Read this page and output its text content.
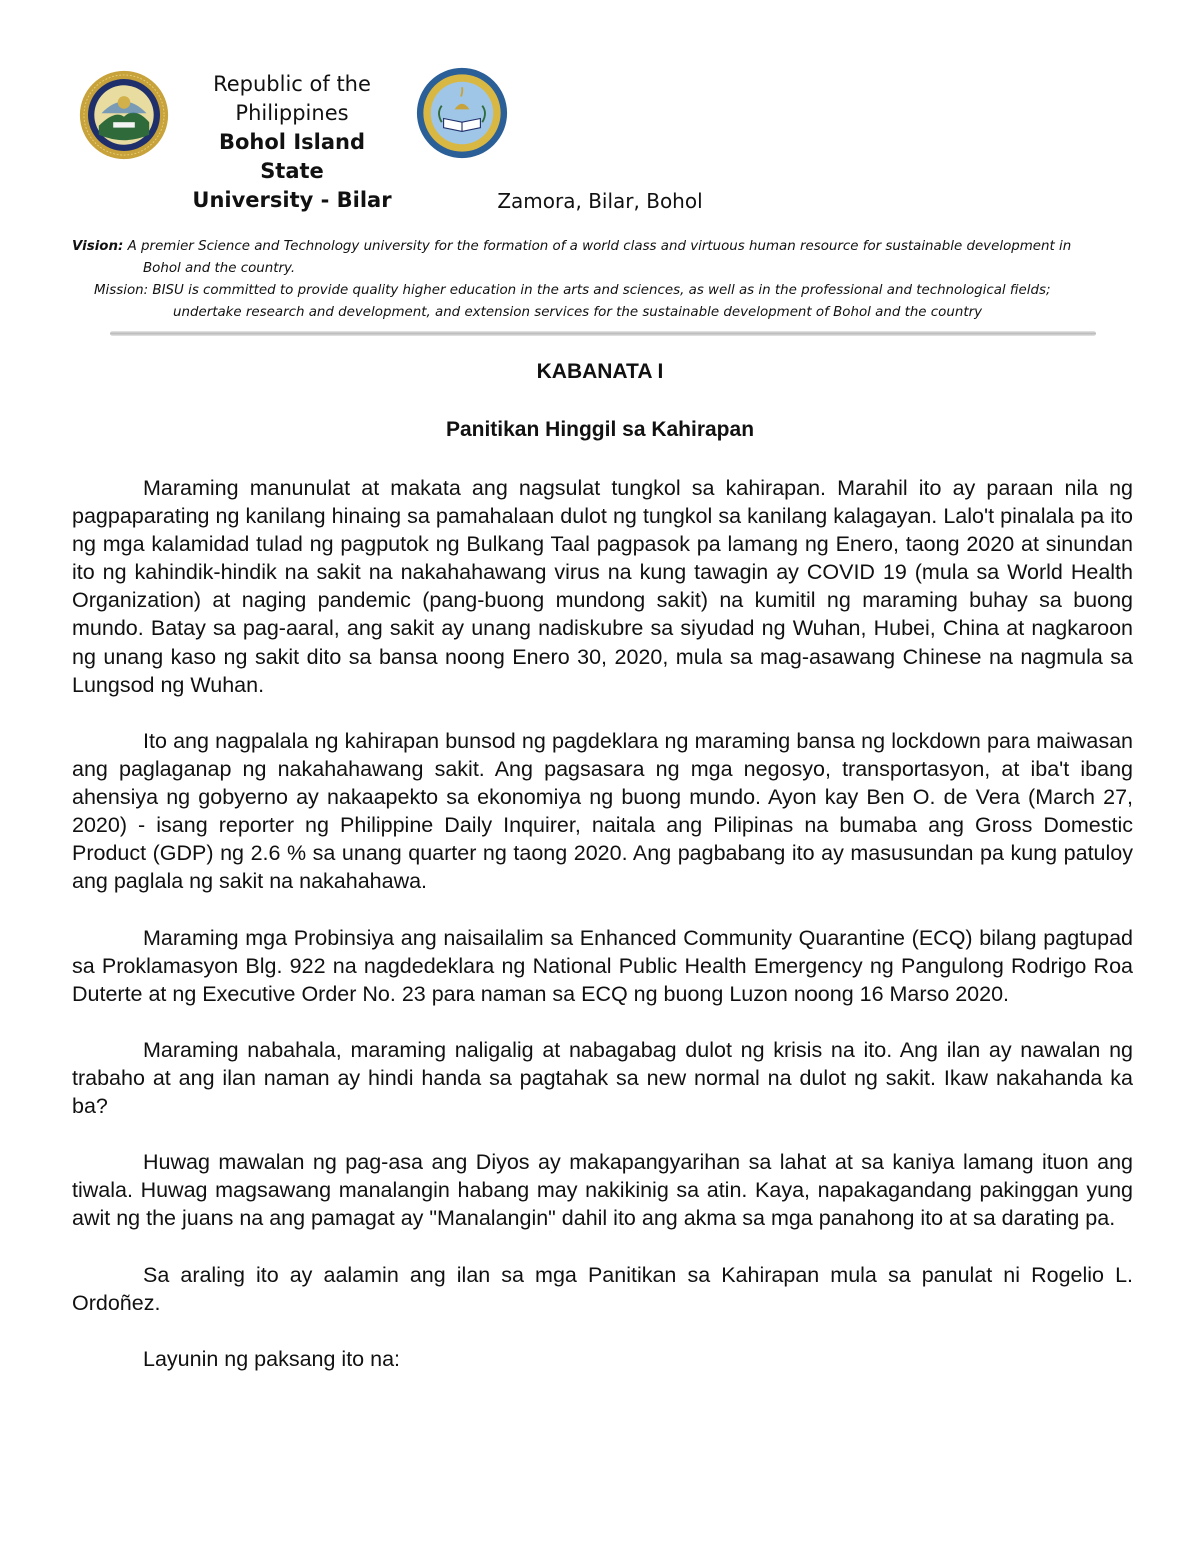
Republic of the
Philippines
Bohol Island State
University - Bilar	Zamora, Bilar, Bohol
Vision: A premier Science and Technology university for the formation of a world class and virtuous human resource for sustainable development in
Bohol and the country.
Mission: BISU is committed to provide quality higher education in the arts and sciences, as well as in the professional and technological fields;
undertake research and development, and extension services for the sustainable development of Bohol and the country
KABANATA I
Panitikan Hinggil sa Kahirapan

Maraming manunulat at makata ang nagsulat tungkol sa kahirapan. Marahil ito ay paraan nila ng pagpaparating ng kanilang hinaing sa pamahalaan dulot ng tungkol sa kanilang kalagayan. Lalo't pinalala pa ito ng mga kalamidad tulad ng pagputok ng Bulkang Taal pagpasok pa lamang ng Enero, taong 2020 at sinundan ito ng kahindik-hindik na sakit na nakahahawang virus na kung tawagin ay COVID 19 (mula sa World Health Organization) at naging pandemic (pang-buong mundong sakit) na kumitil ng maraming buhay sa buong mundo. Batay sa pag-aaral, ang sakit ay unang nadiskubre sa siyudad ng Wuhan, Hubei, China at nagkaroon ng unang kaso ng sakit dito sa bansa noong Enero 30, 2020, mula sa mag-asawang Chinese na nagmula sa Lungsod ng Wuhan.

Ito ang nagpalala ng kahirapan bunsod ng pagdeklara ng maraming bansa ng lockdown para maiwasan ang paglaganap ng nakahahawang sakit. Ang pagsasara ng mga negosyo, transportasyon, at iba't ibang ahensiya ng gobyerno ay nakaapekto sa ekonomiya ng buong mundo. Ayon kay Ben O. de Vera (March 27, 2020) - isang reporter ng Philippine Daily Inquirer, naitala ang Pilipinas na bumaba ang Gross Domestic Product (GDP) ng 2.6 % sa unang quarter ng taong 2020. Ang pagbabang ito ay masusundan pa kung patuloy ang paglala ng sakit na nakahahawa.

Maraming mga Probinsiya ang naisailalim sa Enhanced Community Quarantine (ECQ) bilang pagtupad sa Proklamasyon Blg. 922 na nagdedeklara ng National Public Health Emergency ng Pangulong Rodrigo Roa Duterte at ng Executive Order No. 23 para naman sa ECQ ng buong Luzon noong 16 Marso 2020.

Maraming nabahala, maraming naligalig at nabagabag dulot ng krisis na ito. Ang ilan ay nawalan ng trabaho at ang ilan naman ay hindi handa sa pagtahak sa new normal na dulot ng sakit. Ikaw nakahanda ka ba?

Huwag mawalan ng pag-asa ang Diyos ay makapangyarihan sa lahat at sa kaniya lamang ituon ang tiwala. Huwag magsawang manalangin habang may nakikinig sa atin. Kaya, napakagandang pakinggan yung awit ng the juans na ang pamagat ay "Manalangin" dahil ito ang akma sa mga panahong ito at sa darating pa.

Sa araling ito ay aalamin ang ilan sa mga Panitikan sa Kahirapan mula sa panulat ni Rogelio L. Ordoñez.

Layunin ng paksang ito na:
